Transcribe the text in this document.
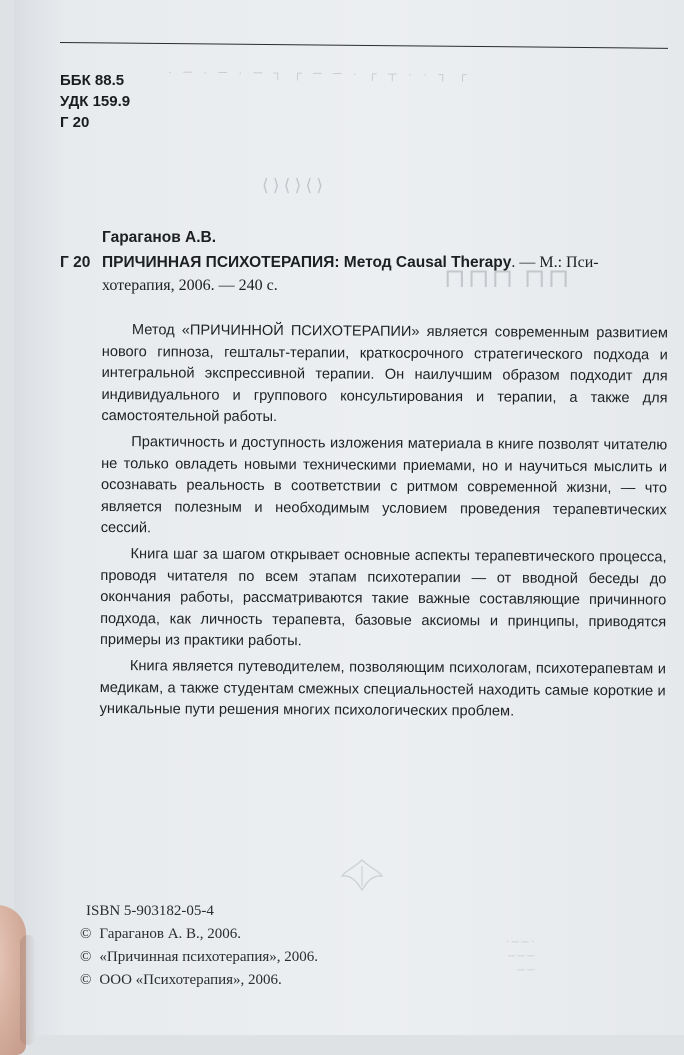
┐ ┌ · · ┬ ┐ · ─ ─ ┐ ┌ ─ · ─ · ─ ·
⟨ ⟩ ⟨ ⟩ ⟨ ⟩
⊓⊓ ⊓⊓⊓
ББК 88.5
УДК 159.9
Г 20
Гараганов А.В.
Г 20 ПРИЧИННАЯ ПСИХОТЕРАПИЯ: Метод Causal Therapy. — М.: Пси-
хотерапия, 2006. — 240 с.

Метод «ПРИЧИННОЙ ПСИХОТЕРАПИИ» является современным развитием нового гипноза, гештальт-терапии, краткосрочного стратегического подхода и интегральной экспрессивной терапии. Он наилучшим образом подходит для индивидуального и группового консультирования и терапии, а также для самостоятельной работы.

Практичность и доступность изложения материала в книге позволят читателю не только овладеть новыми техническими приемами, но и научиться мыслить и осознавать реальность в соответствии с ритмом современной жизни, — что является полезным и необходимым условием проведения терапевтических сессий.

Книга шаг за шагом открывает основные аспекты терапевтического процесса, проводя читателя по всем этапам психотерапии — от вводной беседы до окончания работы, рассматриваются такие важные составляющие причинного подхода, как личность терапевта, базовые аксиомы и принципы, приводятся примеры из практики работы.

Книга является путеводителем, позволяющим психологам, психотерапевтам и медикам, а также студентам смежных специальностей находить самые короткие и уникальные пути решения многих психологических проблем.

· ─ ─ ·
─ ─ ─
─ ─
ISBN 5-903182-05-4
© Гараганов А. В., 2006.
© «Причинная психотерапия», 2006.
© ООО «Психотерапия», 2006.
